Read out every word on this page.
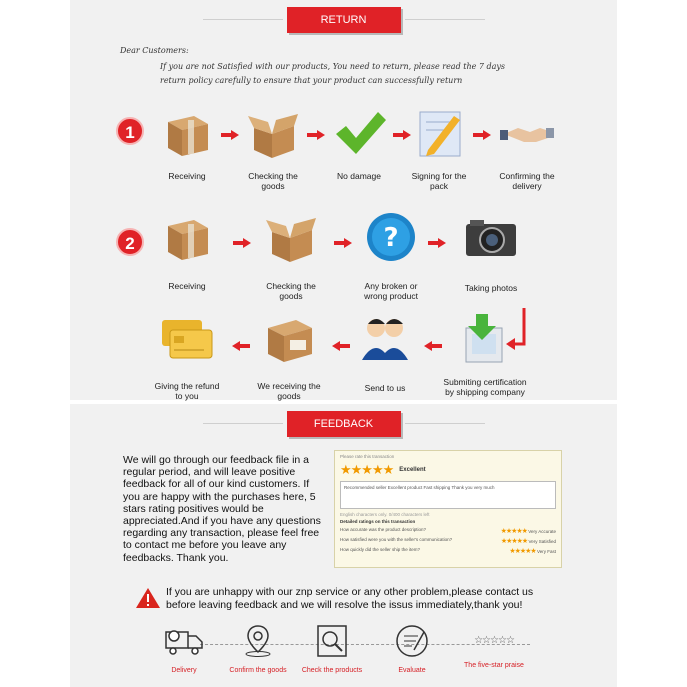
RETURN
Dear Customers:
If you are not Satisfied with our products, You need to return, please read the 7 days
return policy carefully to ensure that your product can successfully return
1
Receiving	Checking the goods
No damage	Signing for the pack
Confirming the delivery
2
Receiving	Checking the goods
?
Any broken or wrong product
Taking photos
Submiting certification by shipping company
Send to us
We receiving the goods
Giving the refund to you
FEEDBACK
We will go through our feedback file in a regular period, and will leave positive feedback for all of our kind customers. If you are happy with the purchases here, 5 stars rating positives would be appreciated.And if you have any questions regarding any transaction, please feel free to contact me before you leave any feedbacks. Thank you.
Please rate this transaction
★★★★★ Excellent
Recommended seller Excellent product Fast shipping Thank you very much
English characters only. 0/400 characters left
Detailed ratings on this transaction
How accurate was the product description?	★★★★★ Very Accurate
How satisfied were you with the seller's communication?	★★★★★ Very Satisfied
How quickly did the seller ship the item?	★★★★★ Very Fast
If you are unhappy with our znp service or any other problem,please contact us
before leaving feedback and we will resolve the issus immediately,thank you!
Delivery	Confirm the goods	Check the products	Evaluate
☆☆☆☆☆
The five-star praise
